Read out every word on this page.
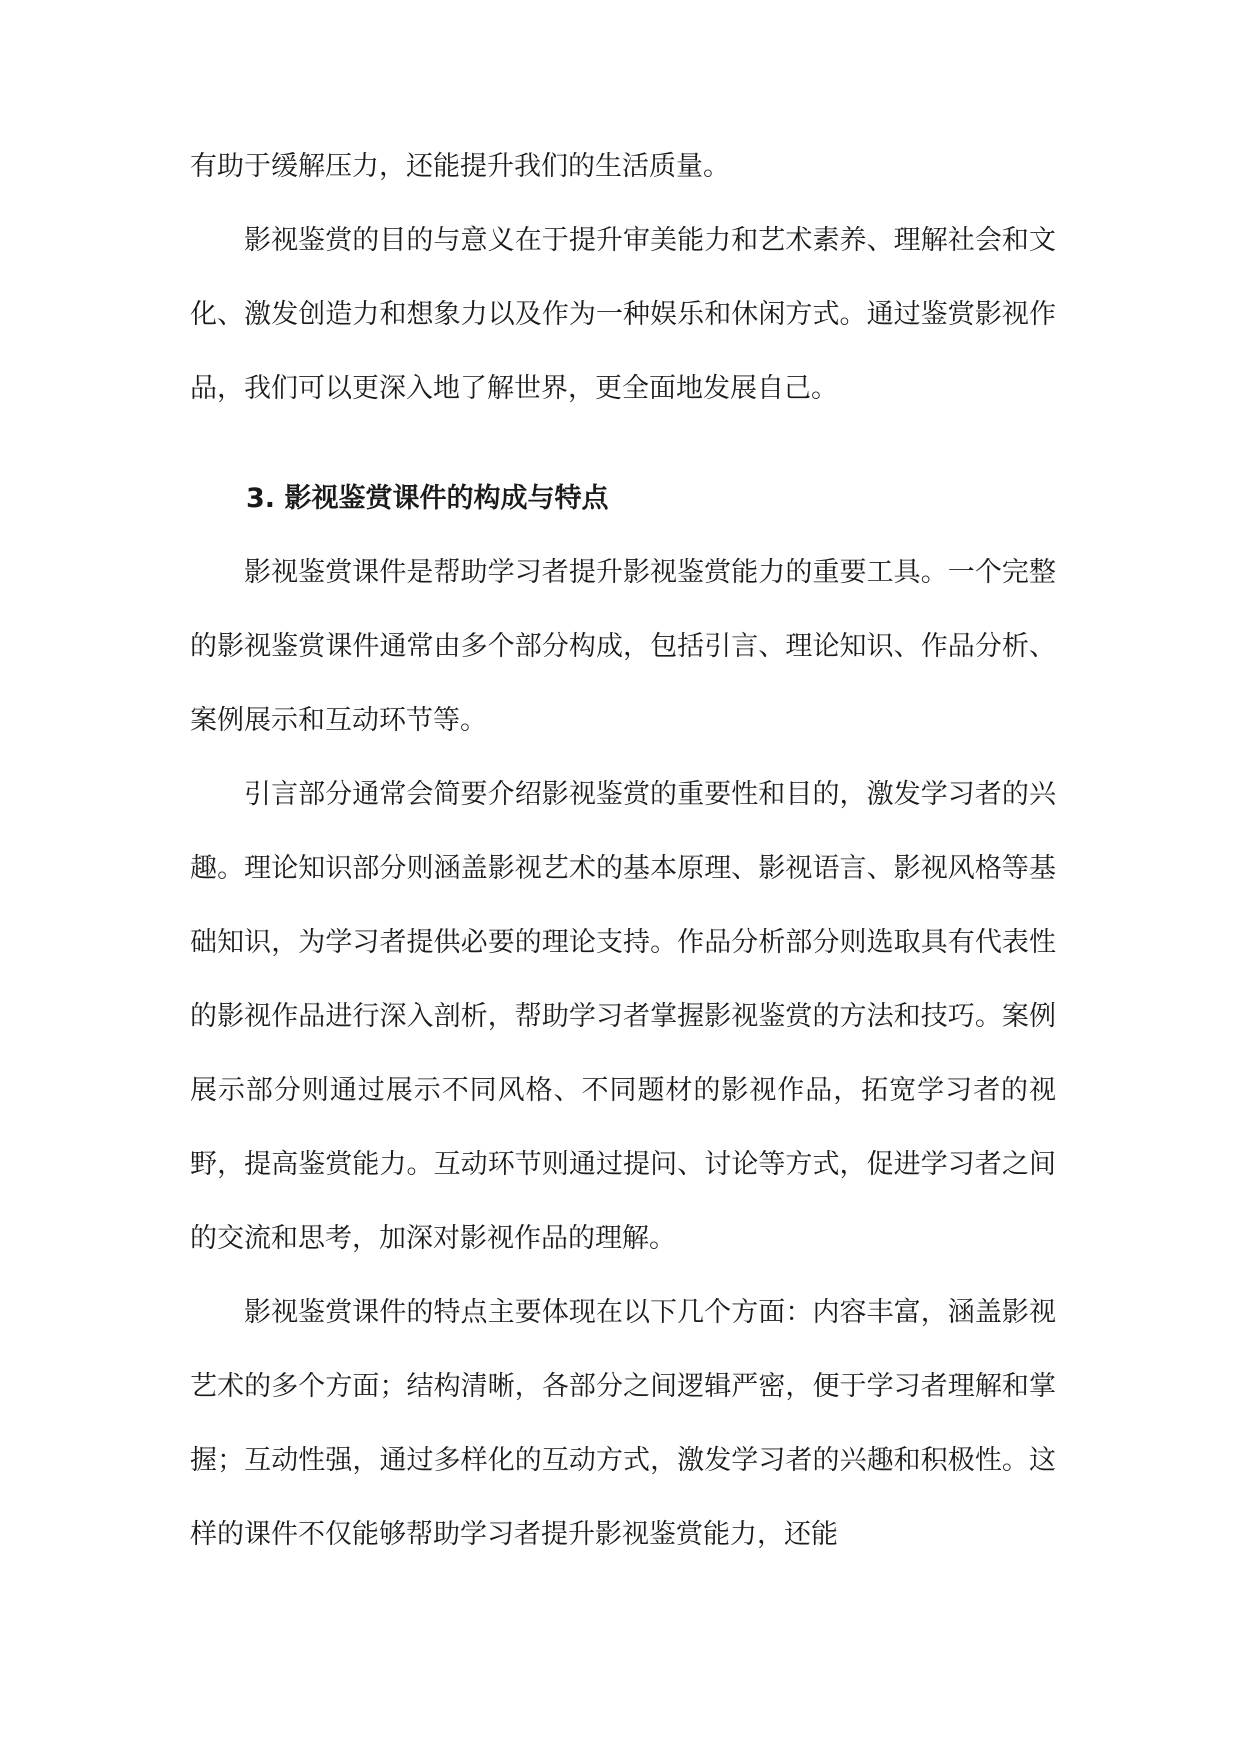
有助于缓解压力，还能提升我们的生活质量。

影视鉴赏的目的与意义在于提升审美能力和艺术素养、理解社会和文化、激发创造力和想象力以及作为一种娱乐和休闲方式。通过鉴赏影视作品，我们可以更深入地了解世界，更全面地发展自己。

3. 影视鉴赏课件的构成与特点

影视鉴赏课件是帮助学习者提升影视鉴赏能力的重要工具。一个完整的影视鉴赏课件通常由多个部分构成，包括引言、理论知识、作品分析、案例展示和互动环节等。

引言部分通常会简要介绍影视鉴赏的重要性和目的，激发学习者的兴趣。理论知识部分则涵盖影视艺术的基本原理、影视语言、影视风格等基础知识，为学习者提供必要的理论支持。作品分析部分则选取具有代表性的影视作品进行深入剖析，帮助学习者掌握影视鉴赏的方法和技巧。案例展示部分则通过展示不同风格、不同题材的影视作品，拓宽学习者的视野，提高鉴赏能力。互动环节则通过提问、讨论等方式，促进学习者之间的交流和思考，加深对影视作品的理解。

影视鉴赏课件的特点主要体现在以下几个方面：内容丰富，涵盖影视艺术的多个方面；结构清晰，各部分之间逻辑严密，便于学习者理解和掌握；互动性强，通过多样化的互动方式，激发学习者的兴趣和积极性。这样的课件不仅能够帮助学习者提升影视鉴赏能力，还能
